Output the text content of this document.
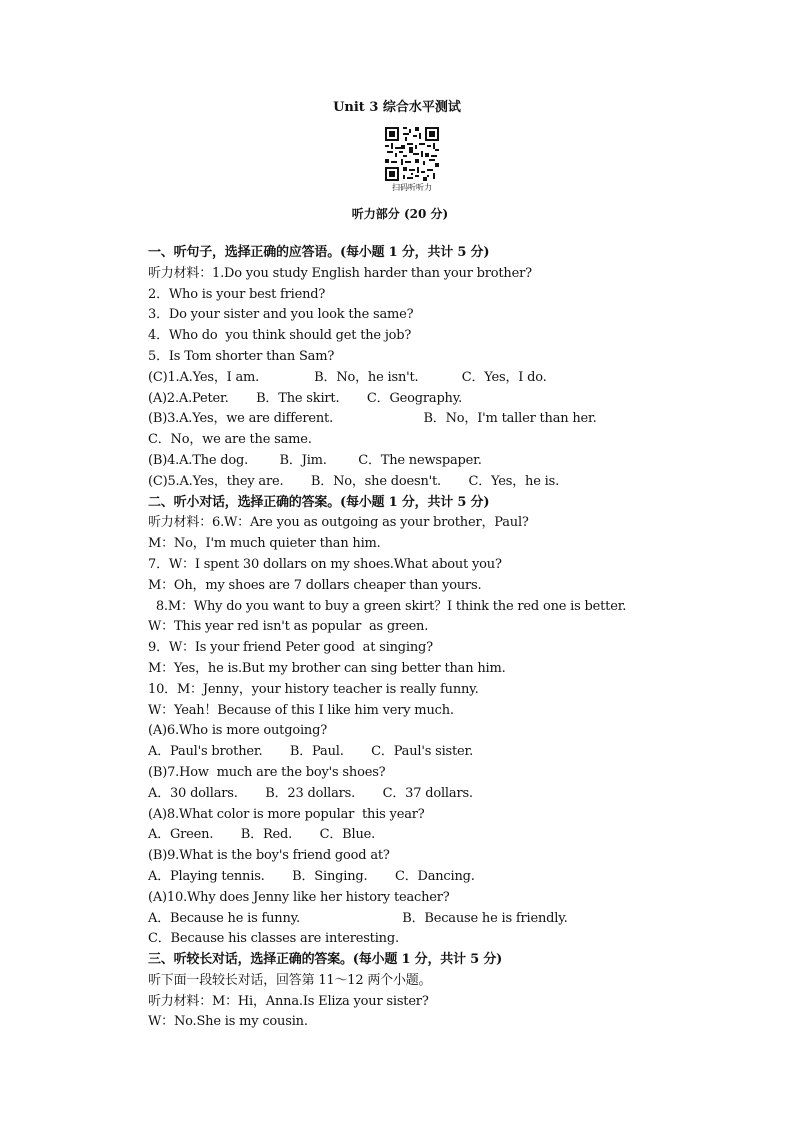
Unit 3 综合水平测试
扫码听听力
听力部分 (20 分)
一、听句子，选择正确的应答语。(每小题 1 分，共计 5 分)
听力材料：1.Do you study English harder than your brother?
2．Who is your best friend?
3．Do your sister and you look the same?
4．Who do  you think should get the job?
5．Is Tom shorter than Sam?
(C)1.A.Yes，I am.              B．No，he isn't.           C．Yes，I do.
(A)2.A.Peter.       B．The skirt.       C．Geography.
(B)3.A.Yes，we are different.                       B．No，I'm taller than her.
C．No，we are the same.
(B)4.A.The dog.        B．Jim.        C．The newspaper.
(C)5.A.Yes，they are.       B．No，she doesn't.       C．Yes，he is.
二、听小对话，选择正确的答案。(每小题 1 分，共计 5 分)
听力材料：6.W：Are you as outgoing as your brother，Paul?
M：No，I'm much quieter than him.
7．W：I spent 30 dollars on my shoes.What about you?
M：Oh，my shoes are 7 dollars cheaper than yours.
8.M：Why do you want to buy a green skirt？I think the red one is better.
W：This year red isn't as popular  as green.
9．W：Is your friend Peter good  at singing?
M：Yes，he is.But my brother can sing better than him.
10．M：Jenny，your history teacher is really funny.
W：Yeah！Because of this I like him very much.
(A)6.Who is more outgoing?
A．Paul's brother.       B．Paul.       C．Paul's sister.
(B)7.How  much are the boy's shoes?
A．30 dollars.       B．23 dollars.       C．37 dollars.
(A)8.What color is more popular  this year?
A．Green.       B．Red.       C．Blue.
(B)9.What is the boy's friend good at?
A．Playing tennis.       B．Singing.       C．Dancing.
(A)10.Why does Jenny like her history teacher?
A．Because he is funny.                          B．Because he is friendly.
C．Because his classes are interesting.
三、听较长对话，选择正确的答案。(每小题 1 分，共计 5 分)
听下面一段较长对话，回答第 11～12 两个小题。
听力材料：M：Hi，Anna.Is Eliza your sister?
W：No.She is my cousin.
